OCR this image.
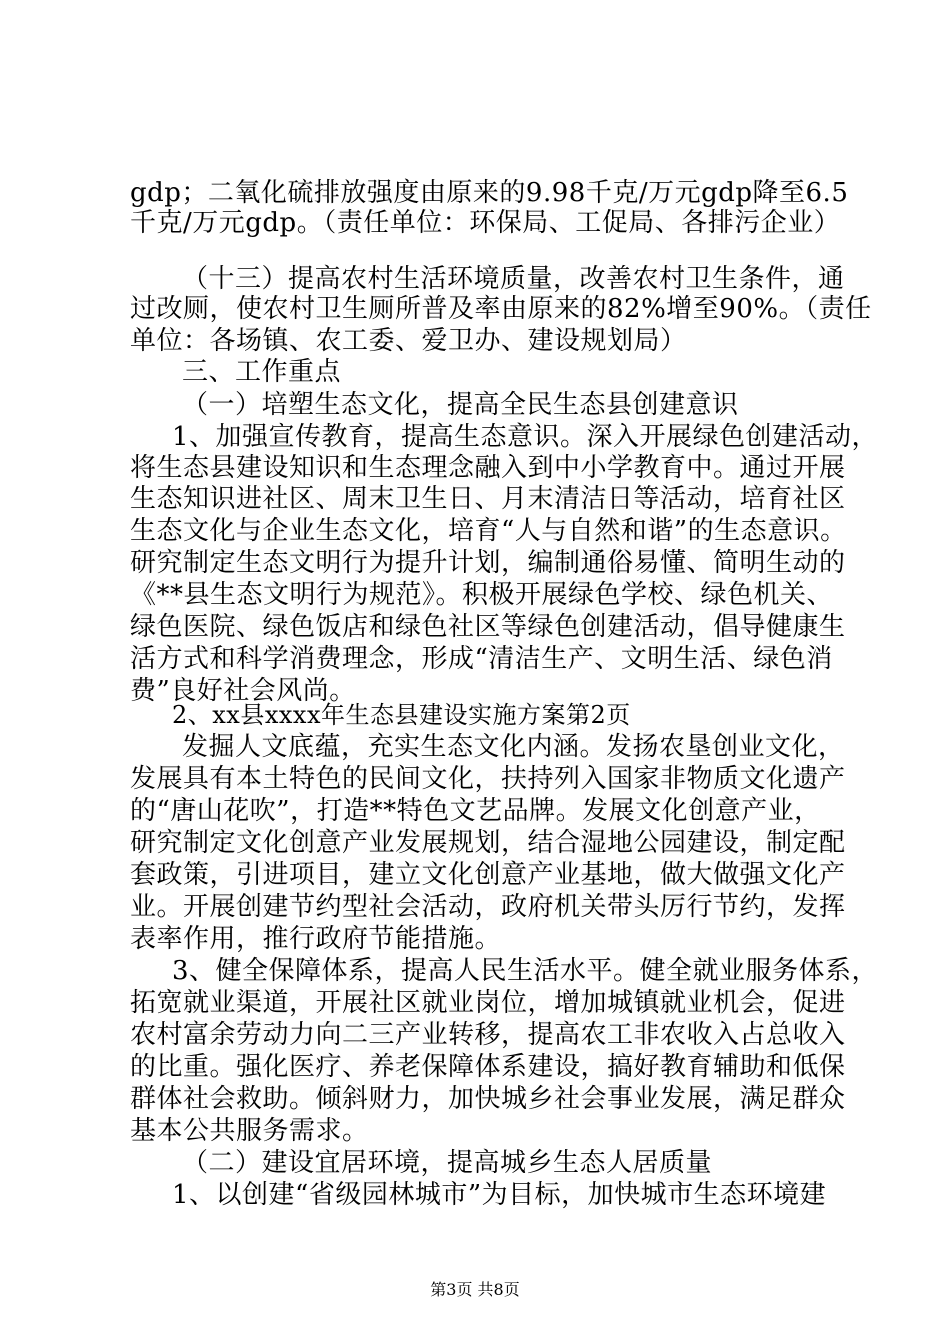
gdp；二氧化硫排放强度由原来的9.98千克/万元gdp降至6.5
千克/万元gdp。（责任单位：环保局、工促局、各排污企业）
（十三）提高农村生活环境质量，改善农村卫生条件，通
过改厕，使农村卫生厕所普及率由原来的82%增至90%。（责任
单位：各场镇、农工委、爱卫办、建设规划局）
三、工作重点
（一）培塑生态文化，提高全民生态县创建意识
1、加强宣传教育，提高生态意识。深入开展绿色创建活动，
将生态县建设知识和生态理念融入到中小学教育中。通过开展
生态知识进社区、周末卫生日、月末清洁日等活动，培育社区
生态文化与企业生态文化，培育“人与自然和谐”的生态意识。
研究制定生态文明行为提升计划，编制通俗易懂、简明生动的
《**县生态文明行为规范》。积极开展绿色学校、绿色机关、
绿色医院、绿色饭店和绿色社区等绿色创建活动，倡导健康生
活方式和科学消费理念，形成“清洁生产、文明生活、绿色消
费”良好社会风尚。
2、xx县xxxx年生态县建设实施方案第2页
发掘人文底蕴，充实生态文化内涵。发扬农垦创业文化，
发展具有本土特色的民间文化，扶持列入国家非物质文化遗产
的“唐山花吹”，打造**特色文艺品牌。发展文化创意产业，
研究制定文化创意产业发展规划，结合湿地公园建设，制定配
套政策，引进项目，建立文化创意产业基地，做大做强文化产
业。开展创建节约型社会活动，政府机关带头厉行节约，发挥
表率作用，推行政府节能措施。
3、健全保障体系，提高人民生活水平。健全就业服务体系，
拓宽就业渠道，开展社区就业岗位，增加城镇就业机会，促进
农村富余劳动力向二三产业转移，提高农工非农收入占总收入
的比重。强化医疗、养老保障体系建设，搞好教育辅助和低保
群体社会救助。倾斜财力，加快城乡社会事业发展，满足群众
基本公共服务需求。
（二）建设宜居环境，提高城乡生态人居质量
1、以创建“省级园林城市”为目标，加快城市生态环境建
第3页 共8页
